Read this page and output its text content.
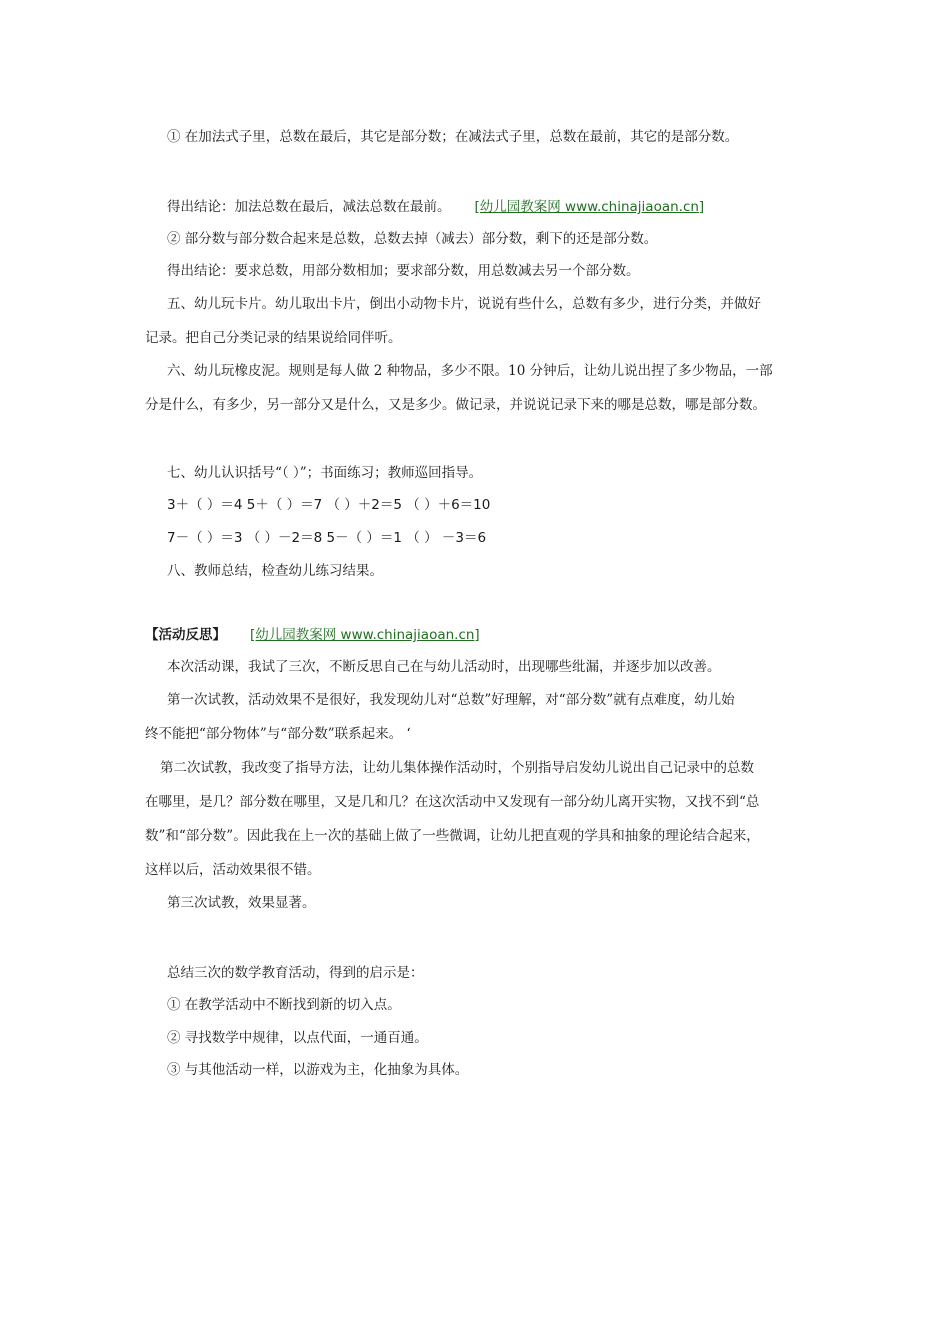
① 在加法式子里，总数在最后，其它是部分数；在减法式子里，总数在最前，其它的是部分数。
得出结论：加法总数在最后，减法总数在最前。 [幼儿园教案网 www.chinajiaoan.cn]
② 部分数与部分数合起来是总数，总数去掉（减去）部分数，剩下的还是部分数。
得出结论：要求总数，用部分数相加；要求部分数，用总数减去另一个部分数。
五、幼儿玩卡片。幼儿取出卡片，倒出小动物卡片，说说有些什么，总数有多少，进行分类，并做好
记录。把自己分类记录的结果说给同伴听。
六、幼儿玩橡皮泥。规则是每人做 2 种物品，多少不限。10 分钟后，让幼儿说出捏了多少物品，一部
分是什么，有多少，另一部分又是什么，又是多少。做记录，并说说记录下来的哪是总数，哪是部分数。
七、幼儿认识括号“（ ）”；书面练习；教师巡回指导。
3＋（ ）＝4 5＋（ ）＝7 （ ）＋2＝5 （ ）＋6＝10
7－（ ）＝3 （ ）－2＝8 5－（ ）＝1 （ ） －3＝6
八、教师总结，检查幼儿练习结果。
【活动反思】 [幼儿园教案网 www.chinajiaoan.cn]
本次活动课，我试了三次，不断反思自己在与幼儿活动时，出现哪些纰漏，并逐步加以改善。
第一次试教，活动效果不是很好，我发现幼儿对“总数”好理解，对“部分数”就有点难度，幼儿始
终不能把“部分物体”与“部分数”联系起来。 ‘
第二次试教，我改变了指导方法，让幼儿集体操作活动时，个别指导启发幼儿说出自己记录中的总数
在哪里，是几？部分数在哪里，又是几和几？在这次活动中又发现有一部分幼儿离开实物，又找不到“总
数”和“部分数”。因此我在上一次的基础上做了一些微调，让幼儿把直观的学具和抽象的理论结合起来，
这样以后，活动效果很不错。
第三次试教，效果显著。
总结三次的数学教育活动，得到的启示是：
① 在教学活动中不断找到新的切入点。
② 寻找数学中规律，以点代面，一通百通。
③ 与其他活动一样，以游戏为主，化抽象为具体。
